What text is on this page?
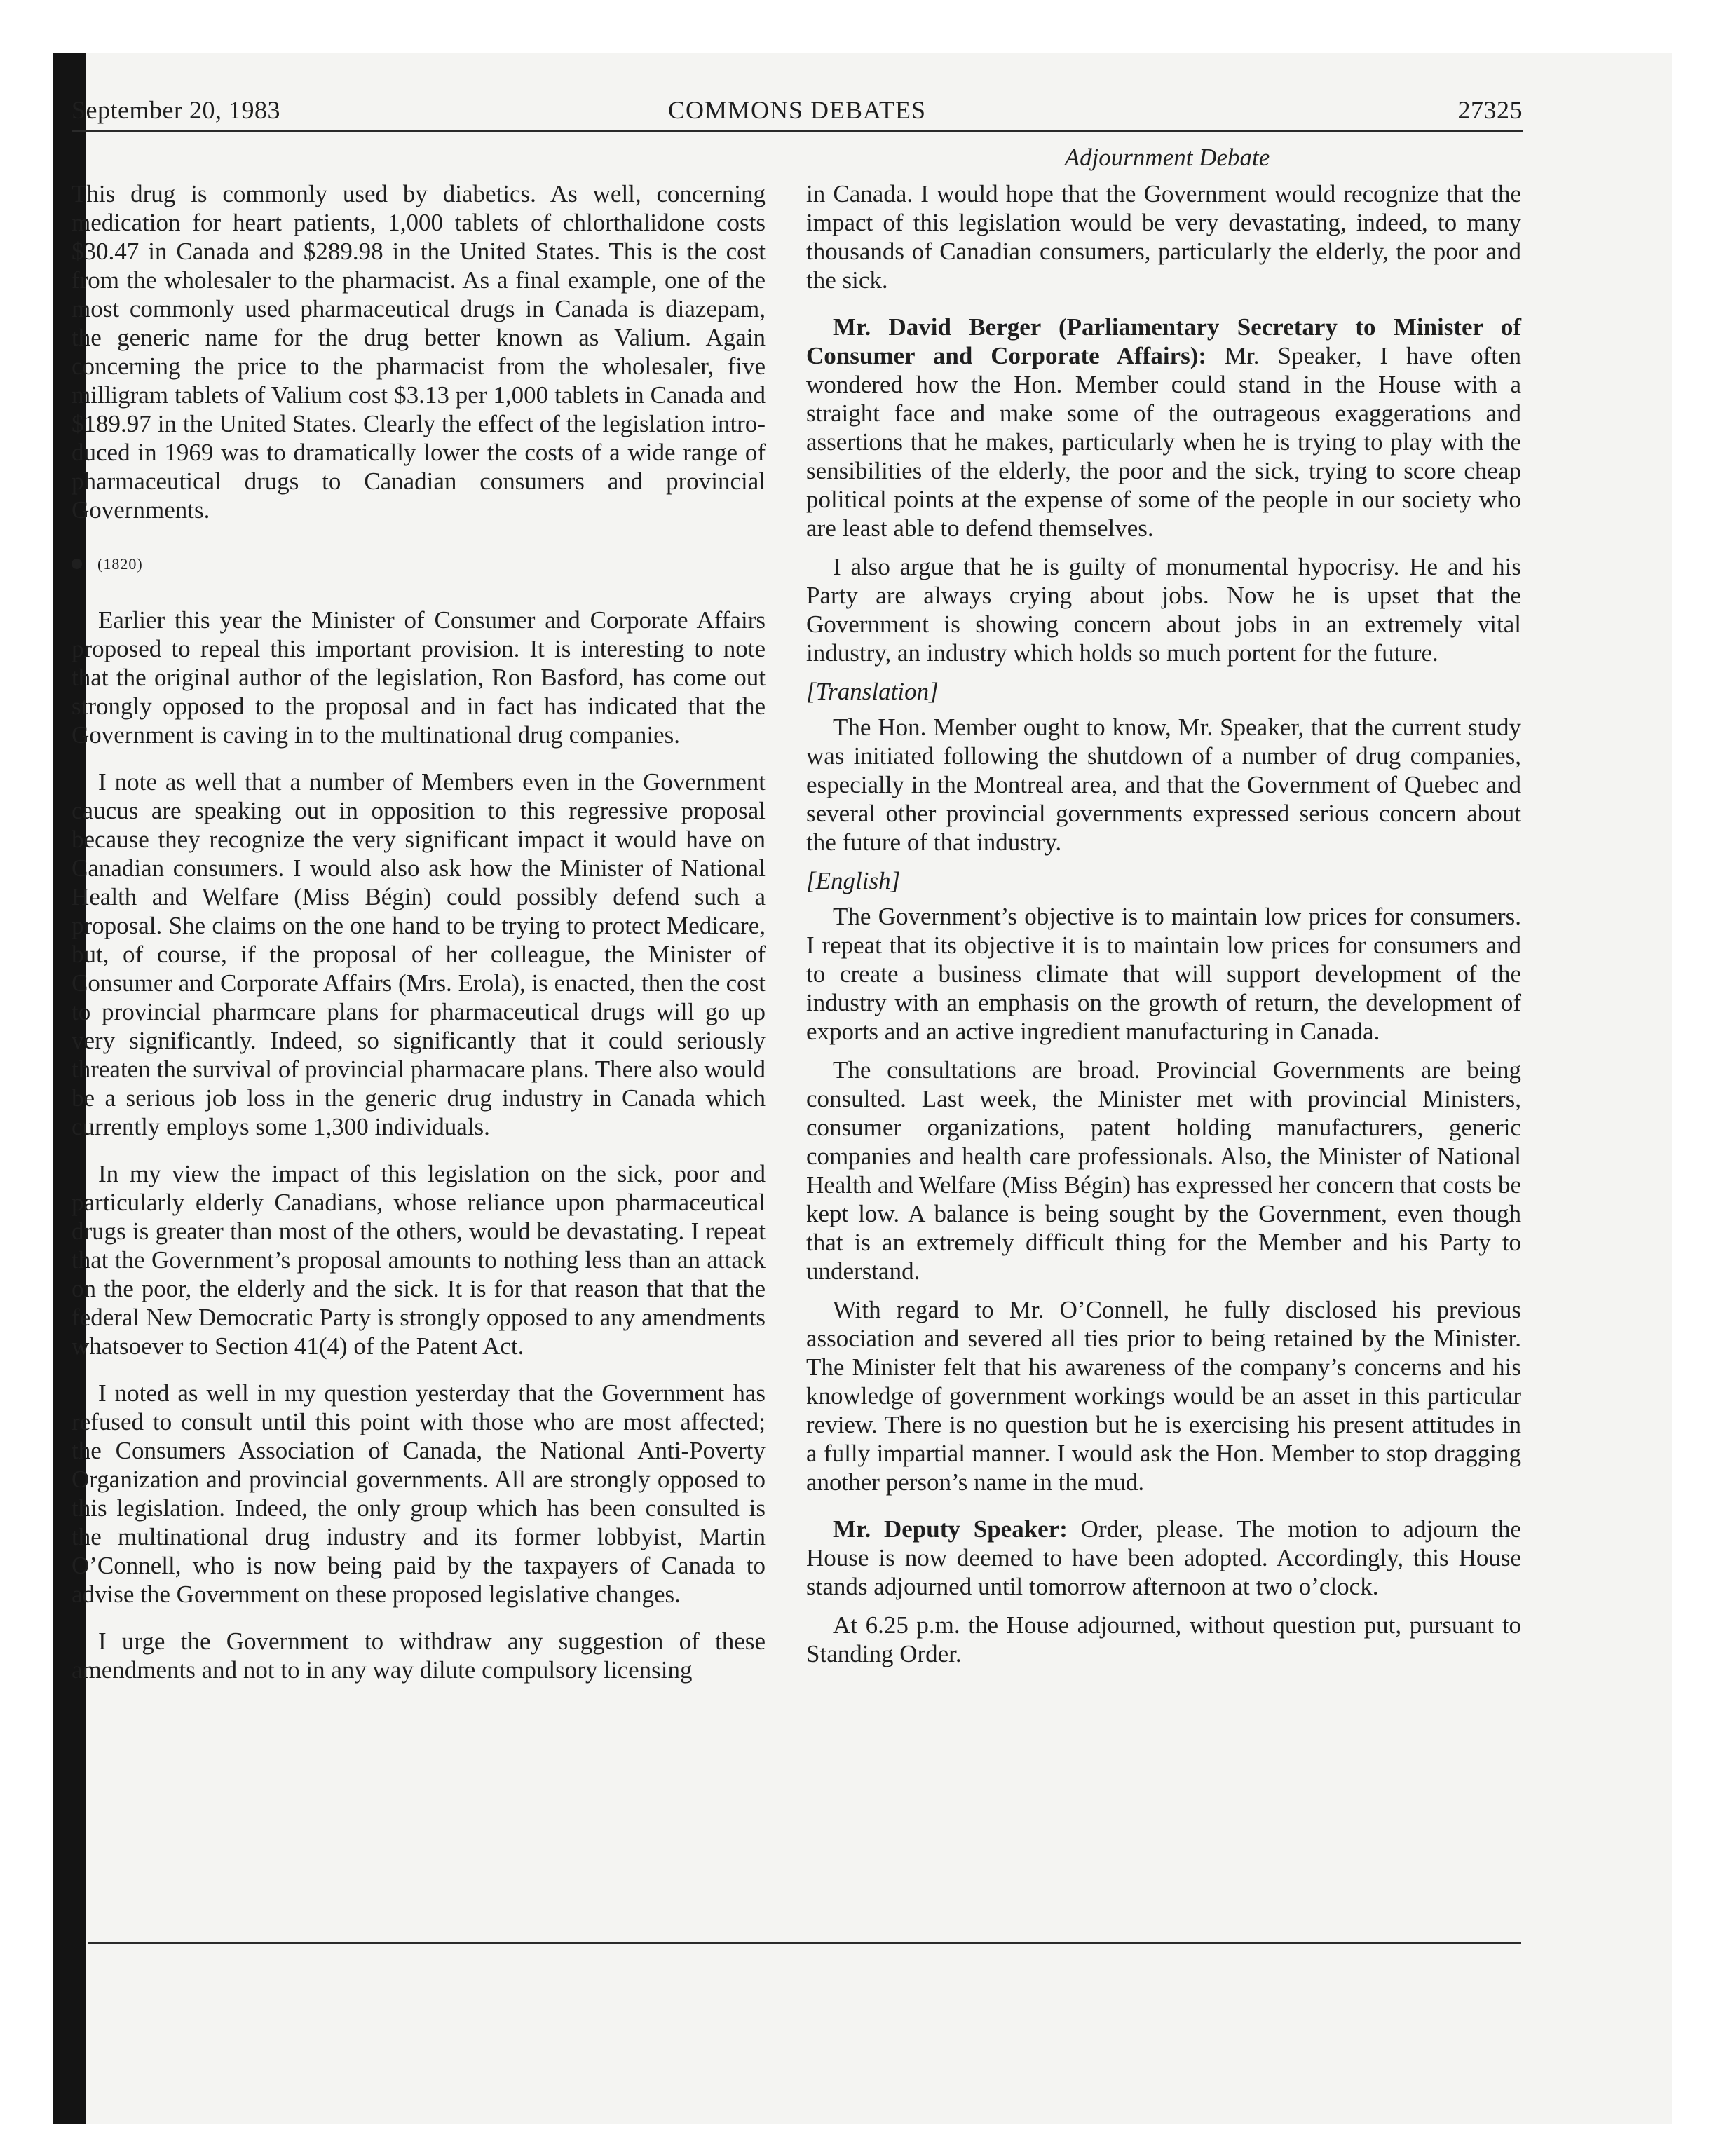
September 20, 1983	COMMONS DEBATES	27325
Adjournment Debate

This drug is commonly used by diabetics. As well, concerning medication for heart patients, 1,000 tablets of chlorthalidone costs $30.47 in Canada and $289.98 in the United States. This is the cost from the wholesaler to the pharmacist. As a final example, one of the most commonly used pharmaceutical drugs in Canada is diazepam, the generic name for the drug better known as Valium. Again concerning the price to the pharmacist from the wholesaler, five milligram tablets of Valium cost $3.13 per 1,000 tablets in Canada and $189.97 in the United States. Clearly the effect of the legislation introduced in 1969 was to dramatically lower the costs of a wide range of pharmaceutical drugs to Canadian consumers and provincial Governments.

(1820)

Earlier this year the Minister of Consumer and Corporate Affairs proposed to repeal this important provision. It is interesting to note that the original author of the legislation, Ron Basford, has come out strongly opposed to the proposal and in fact has indicated that the Government is caving in to the multinational drug companies.

I note as well that a number of Members even in the Government caucus are speaking out in opposition to this regressive proposal because they recognize the very significant impact it would have on Canadian consumers. I would also ask how the Minister of National Health and Welfare (Miss Bégin) could possibly defend such a proposal. She claims on the one hand to be trying to protect Medicare, but, of course, if the proposal of her colleague, the Minister of Consumer and Corporate Affairs (Mrs. Erola), is enacted, then the cost to provincial pharmcare plans for pharmaceutical drugs will go up very significantly. Indeed, so significantly that it could seriously threaten the survival of provincial pharmacare plans. There also would be a serious job loss in the generic drug industry in Canada which currently employs some 1,300 individuals.

In my view the impact of this legislation on the sick, poor and particularly elderly Canadians, whose reliance upon pharmaceutical drugs is greater than most of the others, would be devastating. I repeat that the Government’s proposal amounts to nothing less than an attack on the poor, the elderly and the sick. It is for that reason that that the federal New Democratic Party is strongly opposed to any amendments whatsoever to Section 41(4) of the Patent Act.

I noted as well in my question yesterday that the Government has refused to consult until this point with those who are most affected; the Consumers Association of Canada, the National Anti-Poverty Organization and provincial governments. All are strongly opposed to this legislation. Indeed, the only group which has been consulted is the multinational drug industry and its former lobbyist, Martin O’Connell, who is now being paid by the taxpayers of Canada to advise the Government on these proposed legislative changes.

I urge the Government to withdraw any suggestion of these amendments and not to in any way dilute compulsory licensing

in Canada. I would hope that the Government would recognize that the impact of this legislation would be very devastating, indeed, to many thousands of Canadian consumers, particularly the elderly, the poor and the sick.

Mr. David Berger (Parliamentary Secretary to Minister of Consumer and Corporate Affairs): Mr. Speaker, I have often wondered how the Hon. Member could stand in the House with a straight face and make some of the outrageous exaggerations and assertions that he makes, particularly when he is trying to play with the sensibilities of the elderly, the poor and the sick, trying to score cheap political points at the expense of some of the people in our society who are least able to defend themselves.

I also argue that he is guilty of monumental hypocrisy. He and his Party are always crying about jobs. Now he is upset that the Government is showing concern about jobs in an extremely vital industry, an industry which holds so much portent for the future.

[Translation]

The Hon. Member ought to know, Mr. Speaker, that the current study was initiated following the shutdown of a number of drug companies, especially in the Montreal area, and that the Government of Quebec and several other provincial governments expressed serious concern about the future of that industry.

[English]

The Government’s objective is to maintain low prices for consumers. I repeat that its objective it is to maintain low prices for consumers and to create a business climate that will support development of the industry with an emphasis on the growth of return, the development of exports and an active ingredient manufacturing in Canada.

The consultations are broad. Provincial Governments are being consulted. Last week, the Minister met with provincial Ministers, consumer organizations, patent holding manufacturers, generic companies and health care professionals. Also, the Minister of National Health and Welfare (Miss Bégin) has expressed her concern that costs be kept low. A balance is being sought by the Government, even though that is an extremely difficult thing for the Member and his Party to understand.

With regard to Mr. O’Connell, he fully disclosed his previous association and severed all ties prior to being retained by the Minister. The Minister felt that his awareness of the company’s concerns and his knowledge of government workings would be an asset in this particular review. There is no question but he is exercising his present attitudes in a fully impartial manner. I would ask the Hon. Member to stop dragging another person’s name in the mud.

Mr. Deputy Speaker: Order, please. The motion to adjourn the House is now deemed to have been adopted. Accordingly, this House stands adjourned until tomorrow afternoon at two o’clock.

At 6.25 p.m. the House adjourned, without question put, pursuant to Standing Order.
